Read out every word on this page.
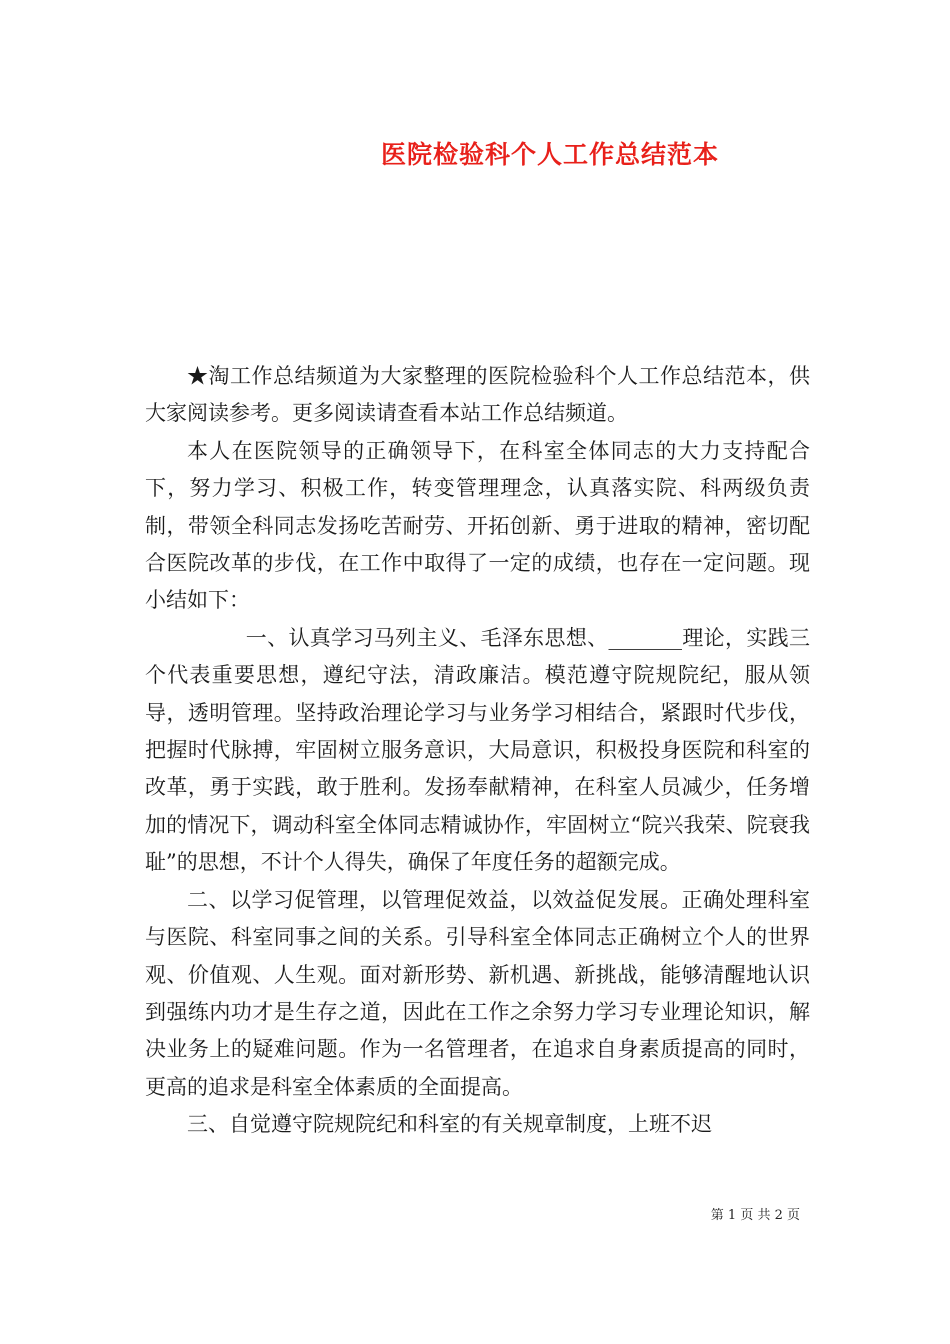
医院检验科个人工作总结范本

★淘工作总结频道为大家整理的医院检验科个人工作总结范本，供大家阅读参考。更多阅读请查看本站工作总结频道。

本人在医院领导的正确领导下，在科室全体同志的大力支持配合下，努力学习、积极工作，转变管理理念，认真落实院、科两级负责制，带领全科同志发扬吃苦耐劳、开拓创新、勇于进取的精神，密切配合医院改革的步伐，在工作中取得了一定的成绩，也存在一定问题。现小结如下：

一、认真学习马列主义、毛泽东思想、_______理论，实践三个代表重要思想，遵纪守法，清政廉洁。模范遵守院规院纪，服从领导，透明管理。坚持政治理论学习与业务学习相结合，紧跟时代步伐，把握时代脉搏，牢固树立服务意识，大局意识，积极投身医院和科室的改革，勇于实践，敢于胜利。发扬奉献精神，在科室人员减少，任务增加的情况下，调动科室全体同志精诚协作，牢固树立“院兴我荣、院衰我耻”的思想，不计个人得失，确保了年度任务的超额完成。

二、以学习促管理，以管理促效益，以效益促发展。正确处理科室与医院、科室同事之间的关系。引导科室全体同志正确树立个人的世界观、价值观、人生观。面对新形势、新机遇、新挑战，能够清醒地认识到强练内功才是生存之道，因此在工作之余努力学习专业理论知识，解决业务上的疑难问题。作为一名管理者，在追求自身素质提高的同时，更高的追求是科室全体素质的全面提高。

三、自觉遵守院规院纪和科室的有关规章制度，上班不迟

第 1 页 共 2 页
